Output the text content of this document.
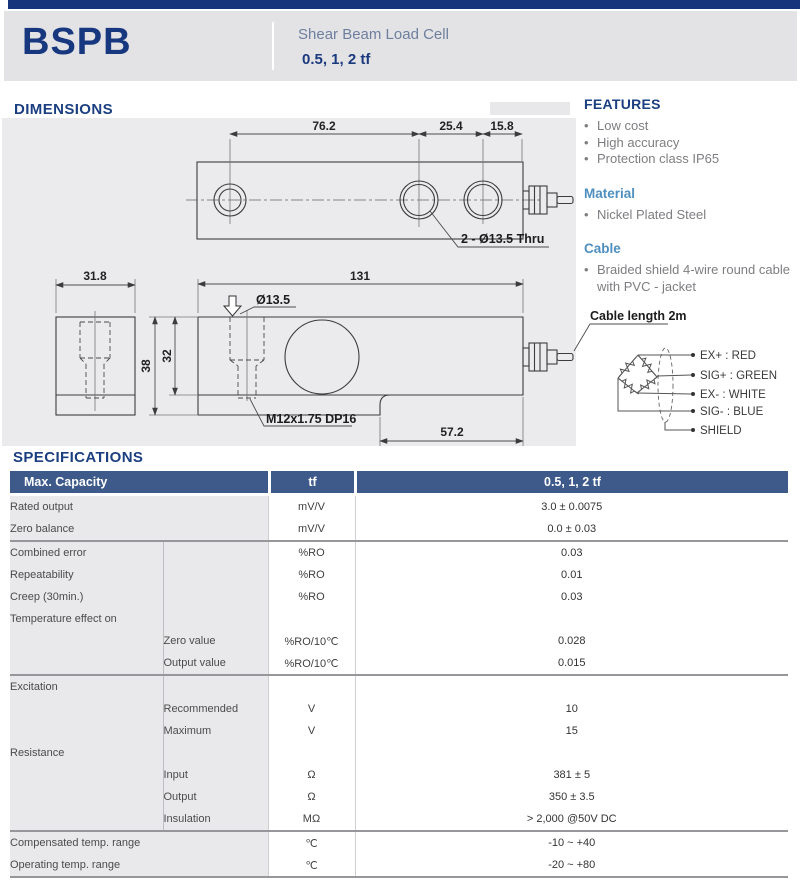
BSPB	Shear Beam Load Cell
0.5, 1, 2 tf
DIMENSIONS
76.2	25.4 15.8
2 - Ø13.5 Thru
31.8
Ø13.5
131
38
32
M12x1.75 DP16
57.2
Cable length 2m
EX+ : RED
SIG+ : GREEN
EX- : WHITE
SIG- : BLUE
SHIELD
FEATURES
• Low cost
• High accuracy
• Protection class IP65
Material
• Nickel Plated Steel
Cable
• Braided shield 4-wire round cable
with PVC - jacket
SPECIFICATIONS
Max. Capacity	tf	0.5, 1, 2 tf
Rated output		mV/V	3.0 ± 0.0075
Zero balance		mV/V	0.0 ± 0.03
Combined error		%RO	0.03
Repeatability		%RO	0.01
Creep (30min.)		%RO	0.03
Temperature effect on			
	Zero value	%RO/10℃	0.028
	Output value	%RO/10℃	0.015
Excitation			
	Recommended	V	10
	Maximum	V	15
Resistance			
	Input	Ω	381 ± 5
	Output	Ω	350 ± 3.5
	Insulation	MΩ	> 2,000 @50V DC
Compensated temp. range		℃	-10 ~ +40
Operating temp. range		℃	-20 ~ +80
